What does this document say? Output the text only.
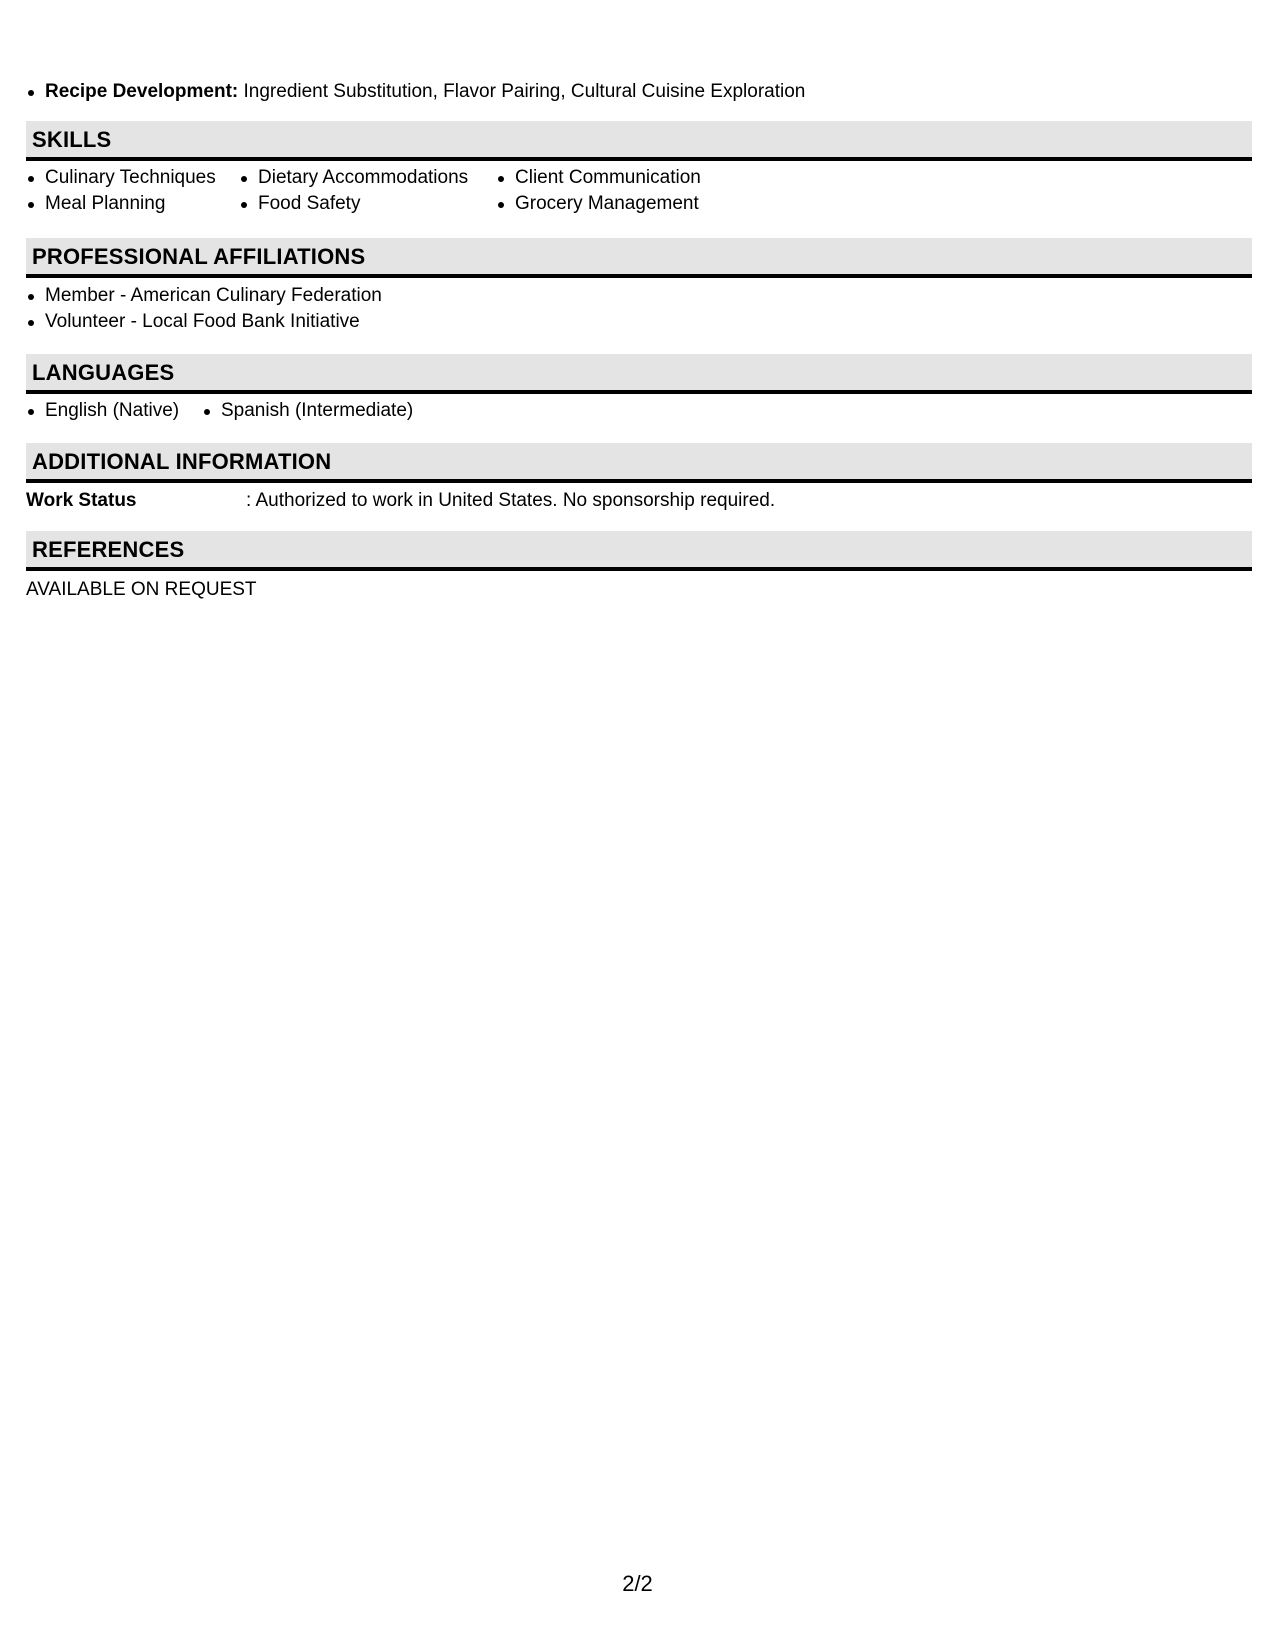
Recipe Development: Ingredient Substitution, Flavor Pairing, Cultural Cuisine Exploration
SKILLS
Culinary Techniques
Meal Planning
Dietary Accommodations
Food Safety
Client Communication
Grocery Management
PROFESSIONAL AFFILIATIONS
Member - American Culinary Federation
Volunteer - Local Food Bank Initiative
LANGUAGES
English (Native)	Spanish (Intermediate)
ADDITIONAL INFORMATION
Work Status	: Authorized to work in United States. No sponsorship required.
REFERENCES
AVAILABLE ON REQUEST
2/2
